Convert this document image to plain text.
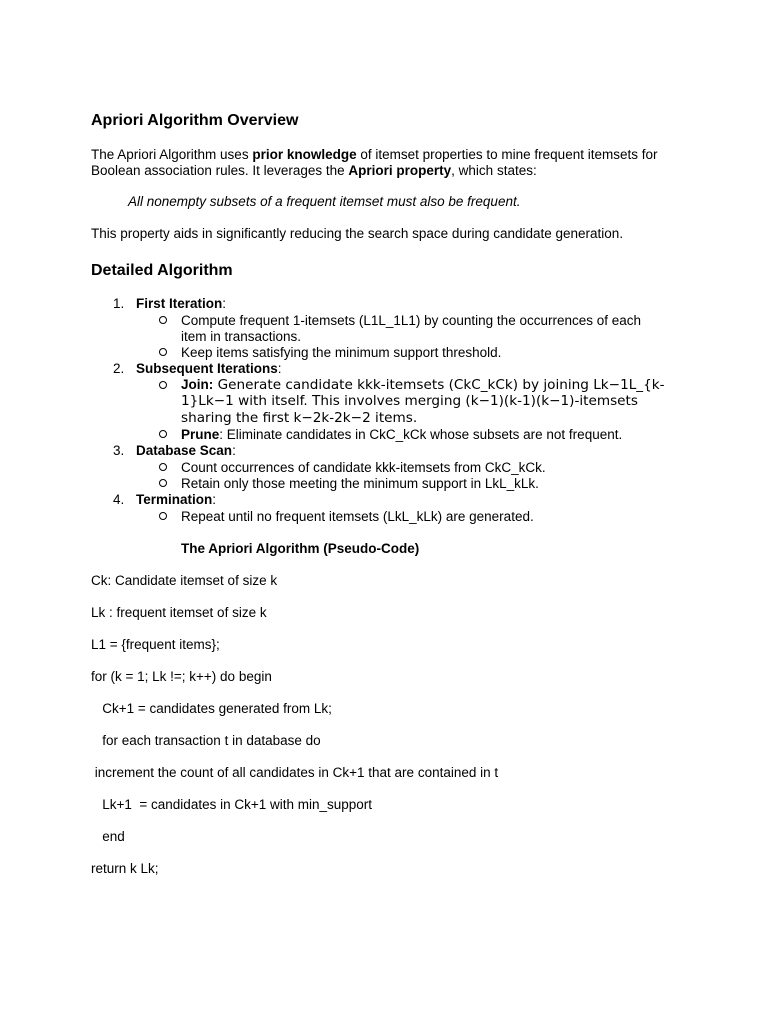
Apriori Algorithm Overview
The Apriori Algorithm uses prior knowledge of itemset properties to mine frequent itemsets for
Boolean association rules. It leverages the Apriori property, which states:
All nonempty subsets of a frequent itemset must also be frequent.
This property aids in significantly reducing the search space during candidate generation.
Detailed Algorithm
1. First Iteration:
Compute frequent 1-itemsets (L1L_1L1) by counting the occurrences of each
item in transactions.
Keep items satisfying the minimum support threshold.
2. Subsequent Iterations:
Join: Generate candidate kkk-itemsets (CkC_kCk) by joining Lk−1L_{k-
1}Lk−1 with itself. This involves merging (k−1)(k-1)(k−1)-itemsets
sharing the first k−2k-2k−2 items.
Prune: Eliminate candidates in CkC_kCk whose subsets are not frequent.
3. Database Scan:
Count occurrences of candidate kkk-itemsets from CkC_kCk.
Retain only those meeting the minimum support in LkL_kLk.
4. Termination:
Repeat until no frequent itemsets (LkL_kLk) are generated.
The Apriori Algorithm (Pseudo-Code)
Ck: Candidate itemset of size k
Lk : frequent itemset of size k
L1 = {frequent items};
for (k = 1; Lk !=; k++) do begin
Ck+1 = candidates generated from Lk;
for each transaction t in database do
increment the count of all candidates in Ck+1 that are contained in t
Lk+1  = candidates in Ck+1 with min_support
end
return k Lk;
